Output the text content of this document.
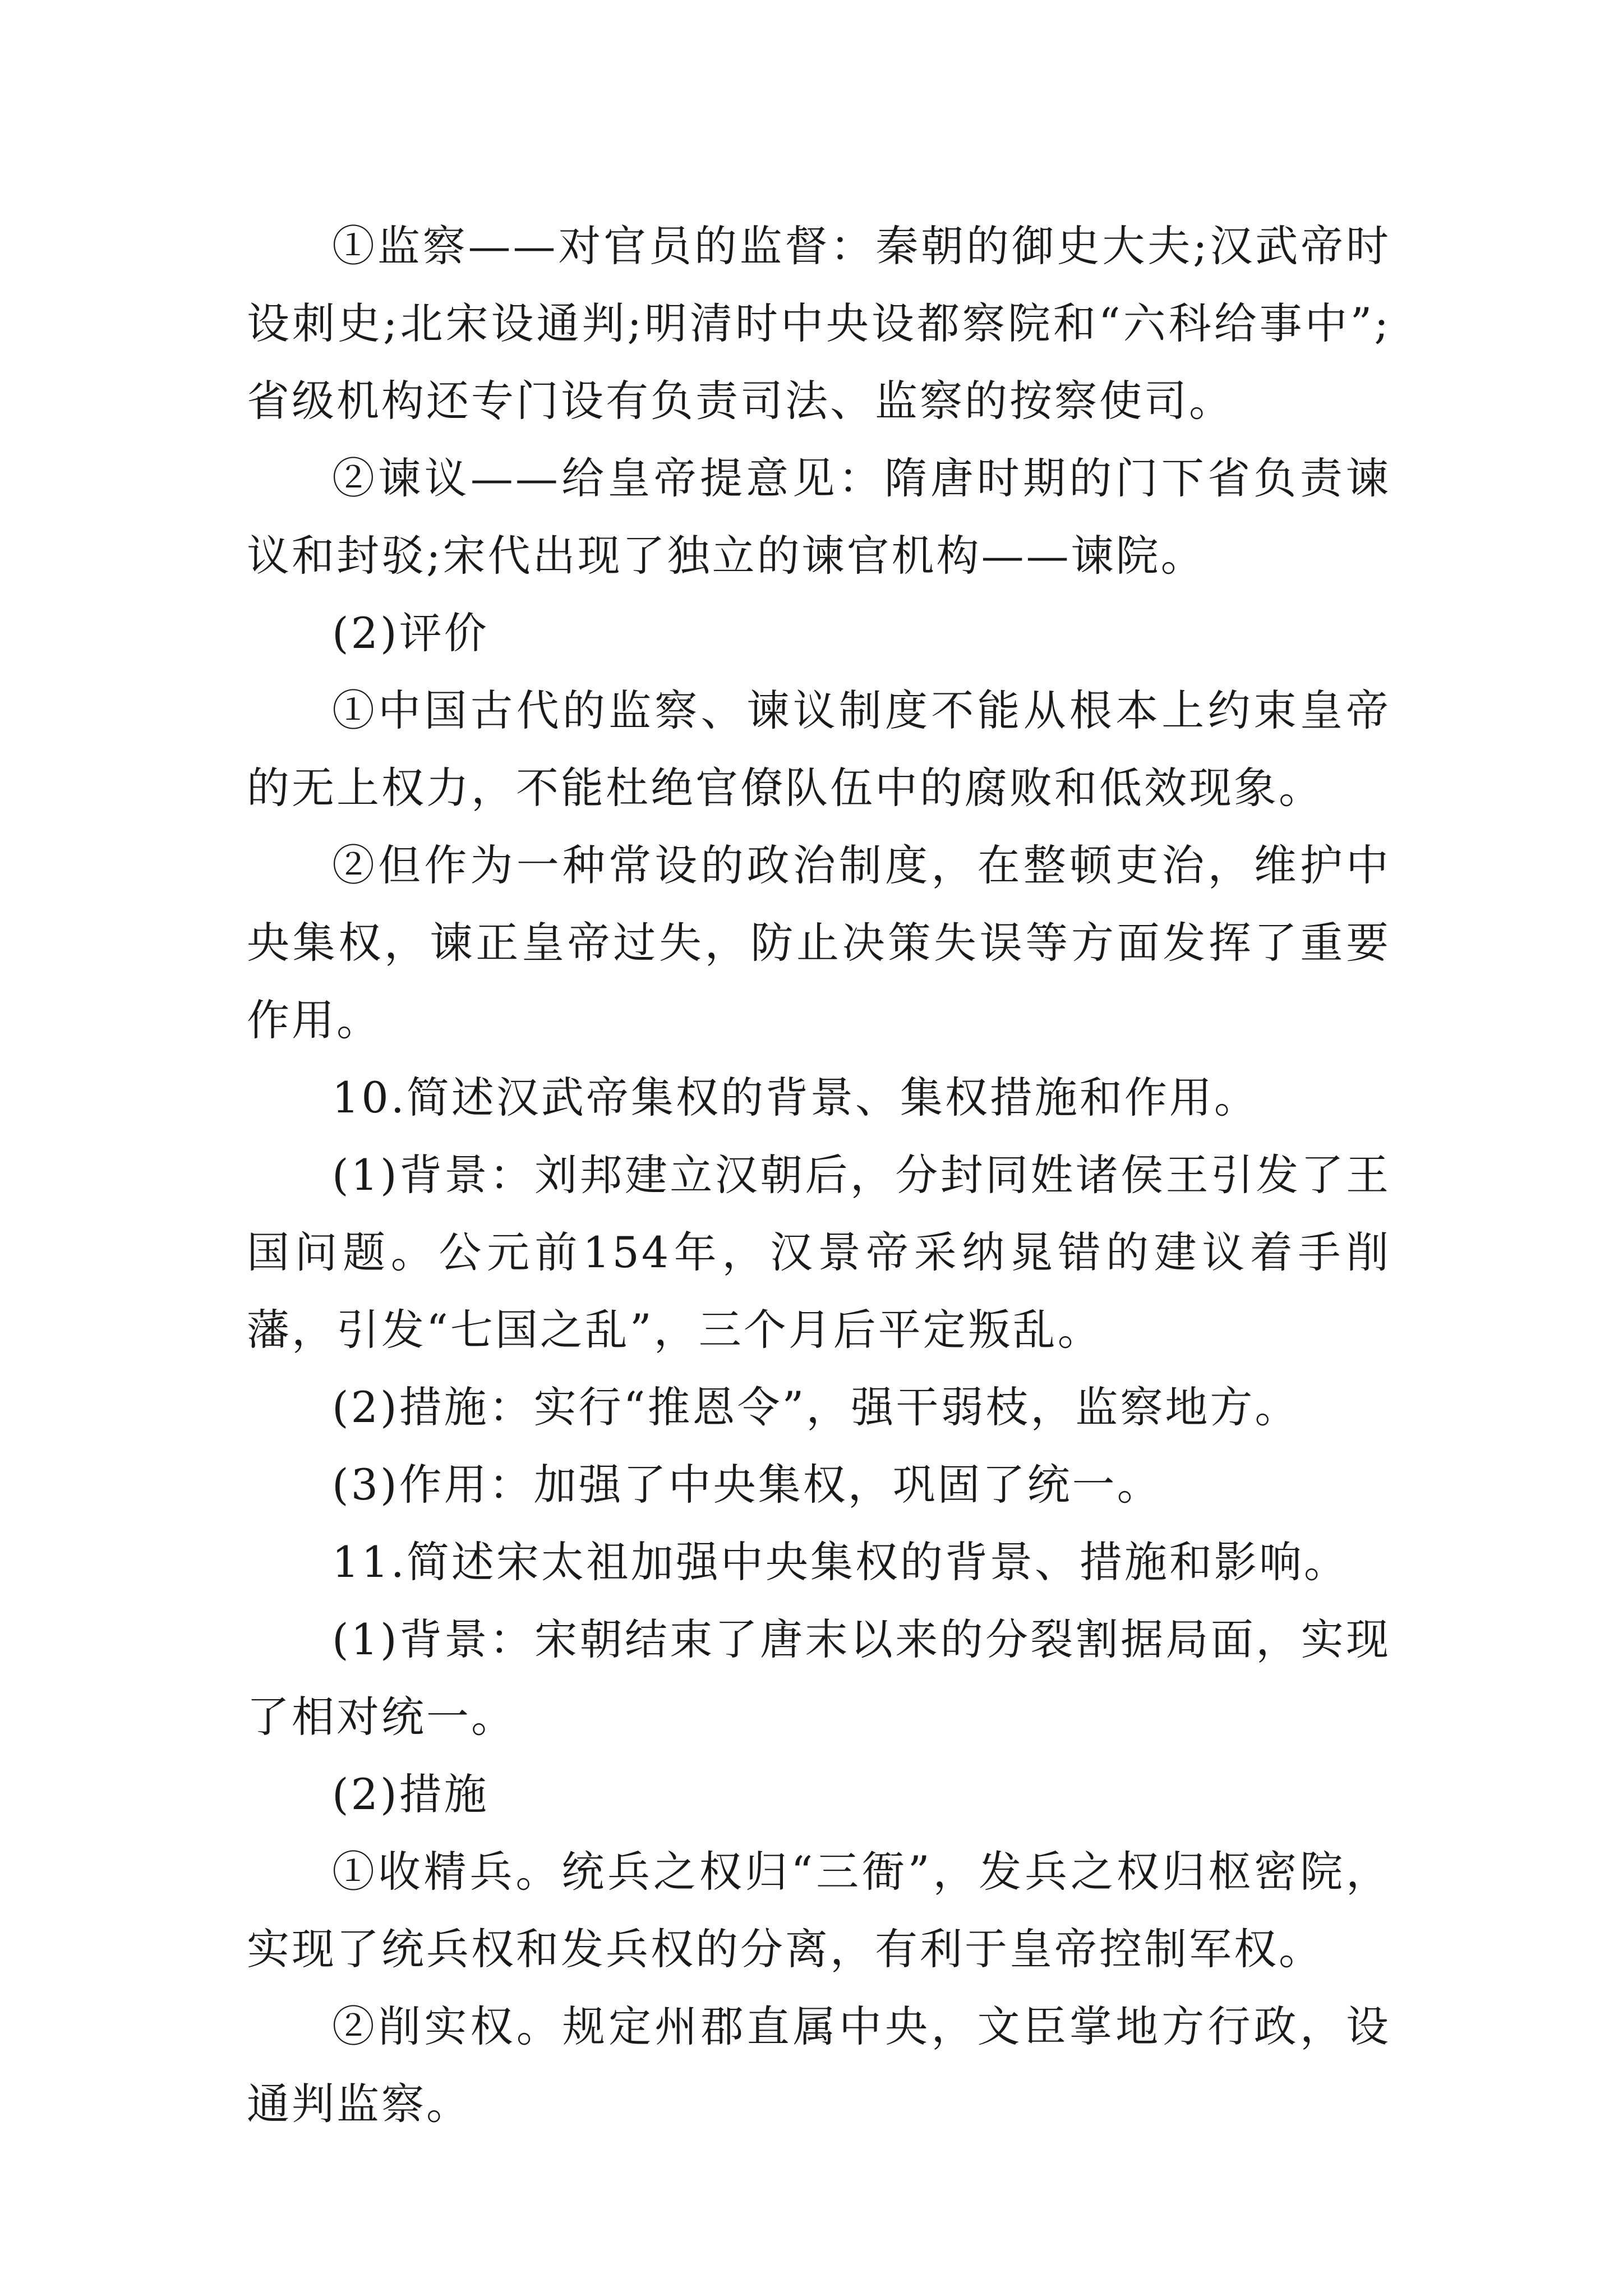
①监察——对官员的监督：秦朝的御史大夫;汉武帝时设刺史;北宋设通判;明清时中央设都察院和“六科给事中”;省级机构还专门设有负责司法、监察的按察使司。

②谏议——给皇帝提意见：隋唐时期的门下省负责谏议和封驳;宋代出现了独立的谏官机构——谏院。

(2)评价

①中国古代的监察、谏议制度不能从根本上约束皇帝的无上权力，不能杜绝官僚队伍中的腐败和低效现象。

②但作为一种常设的政治制度，在整顿吏治，维护中央集权，谏正皇帝过失，防止决策失误等方面发挥了重要作用。

10.简述汉武帝集权的背景、集权措施和作用。

(1)背景：刘邦建立汉朝后，分封同姓诸侯王引发了王国问题。公元前154年，汉景帝采纳晁错的建议着手削藩，引发“七国之乱”，三个月后平定叛乱。

(2)措施：实行“推恩令”，强干弱枝，监察地方。

(3)作用：加强了中央集权，巩固了统一。

11.简述宋太祖加强中央集权的背景、措施和影响。

(1)背景：宋朝结束了唐末以来的分裂割据局面，实现了相对统一。

(2)措施

①收精兵。统兵之权归“三衙”，发兵之权归枢密院，实现了统兵权和发兵权的分离，有利于皇帝控制军权。

②削实权。规定州郡直属中央，文臣掌地方行政，设通判监察。
